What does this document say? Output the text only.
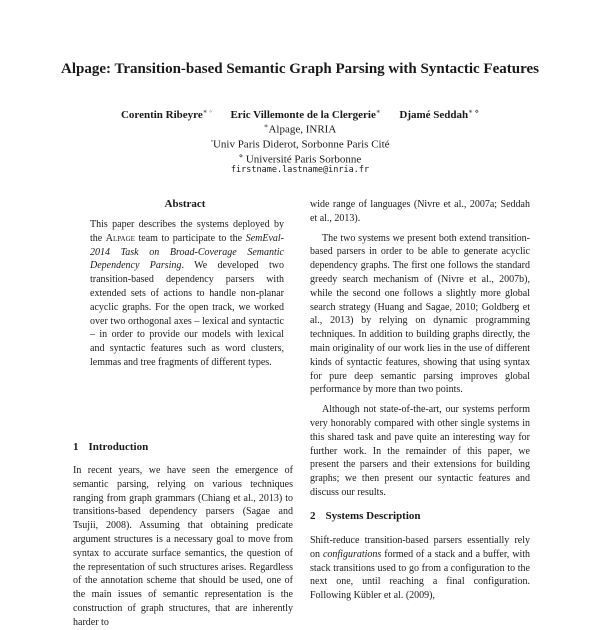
Alpage: Transition-based Semantic Graph Parsing with Syntactic Features
Corentin Ribeyre∗ ◦ Eric Villemonte de la Clergerie∗ Djamé Seddah∗ ⋄
∗Alpage, INRIA
◦Univ Paris Diderot, Sorbonne Paris Cité
⋄ Université Paris Sorbonne
firstname.lastname@inria.fr
Abstract
This paper describes the systems deployed by the Alpage team to participate to the SemEval-2014 Task on Broad-Coverage Semantic Dependency Parsing. We developed two transition-based dependency parsers with extended sets of actions to handle non-planar acyclic graphs. For the open track, we worked over two orthogonal axes – lexical and syntactic – in order to provide our models with lexical and syntactic features such as word clusters, lemmas and tree fragments of different types.
1 Introduction

In recent years, we have seen the emergence of semantic parsing, relying on various techniques ranging from graph grammars (Chiang et al., 2013) to transitions-based dependency parsers (Sagae and Tsujii, 2008). Assuming that obtaining predicate argument structures is a necessary goal to move from syntax to accurate surface semantics, the question of the representation of such structures arises. Regardless of the annotation scheme that should be used, one of the main issues of semantic representation is the construction of graph structures, that are inherently harder to

wide range of languages (Nivre et al., 2007a; Seddah et al., 2013).

The two systems we present both extend transition-based parsers in order to be able to generate acyclic dependency graphs. The first one follows the standard greedy search mechanism of (Nivre et al., 2007b), while the second one follows a slightly more global search strategy (Huang and Sagae, 2010; Goldberg et al., 2013) by relying on dynamic programming techniques. In addition to building graphs directly, the main originality of our work lies in the use of different kinds of syntactic features, showing that using syntax for pure deep semantic parsing improves global performance by more than two points.

Although not state-of-the-art, our systems perform very honorably compared with other single systems in this shared task and pave quite an interesting way for further work. In the remainder of this paper, we present the parsers and their extensions for building graphs; we then present our syntactic features and discuss our results.

2 Systems Description

Shift-reduce transition-based parsers essentially rely on configurations formed of a stack and a buffer, with stack transitions used to go from a configuration to the next one, until reaching a final configuration. Following Kübler et al. (2009),
